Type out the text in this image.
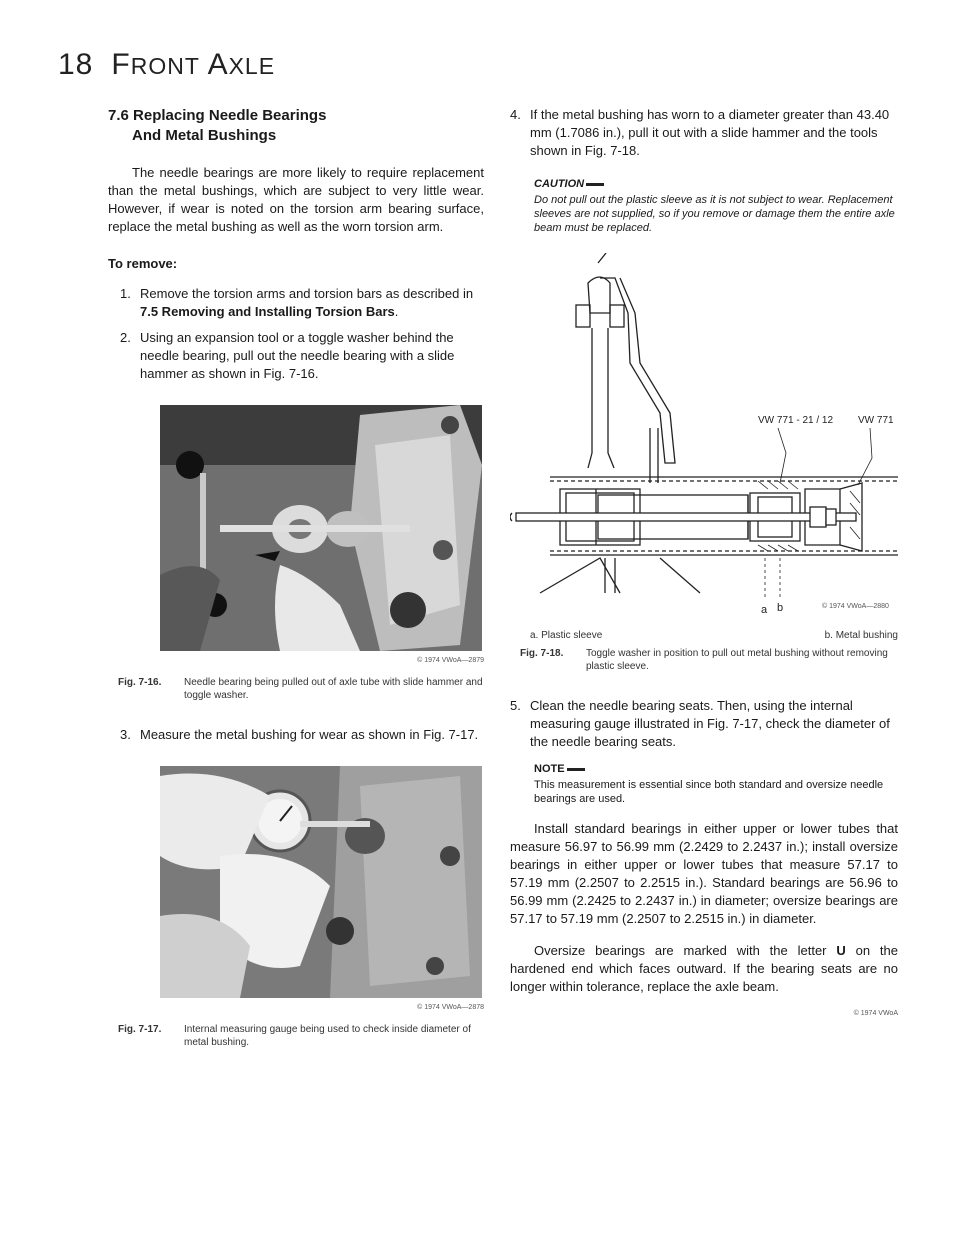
18 FRONT AXLE
7.6 Replacing Needle Bearings
And Metal Bushings

The needle bearings are more likely to require replacement than the metal bushings, which are subject to very little wear. However, if wear is noted on the torsion arm bearing surface, replace the metal bushing as well as the worn torsion arm.

To remove:
1. Remove the torsion arms and torsion bars as described in 7.5 Removing and Installing Torsion Bars.
2. Using an expansion tool or a toggle washer behind the needle bearing, pull out the needle bearing with a slide hammer as shown in Fig. 7-16.
© 1974 VWoA—2879
Fig. 7-16.	Needle bearing being pulled out of axle tube with slide hammer and toggle washer.
3. Measure the metal bushing for wear as shown in Fig. 7-17.
© 1974 VWoA—2878
Fig. 7-17.	Internal measuring gauge being used to check inside diameter of metal bushing.
4. If the metal bushing has worn to a diameter greater than 43.40 mm (1.7086 in.), pull it out with a slide hammer and the tools shown in Fig. 7-18.
CAUTION
Do not pull out the plastic sleeve as it is not subject to wear. Replacement sleeves are not supplied, so if you remove or damage them the entire axle beam must be replaced.
VW 771 - 21 / 12 VW 771
a b	© 1974 VWoA—2880
a. Plastic sleeve	b. Metal bushing
Fig. 7-18.	Toggle washer in position to pull out metal bushing without removing plastic sleeve.
5. Clean the needle bearing seats. Then, using the internal measuring gauge illustrated in Fig. 7-17, check the diameter of the needle bearing seats.
NOTE
This measurement is essential since both standard and oversize needle bearings are used.

Install standard bearings in either upper or lower tubes that measure 56.97 to 56.99 mm (2.2429 to 2.2437 in.); install oversize bearings in either upper or lower tubes that measure 57.17 to 57.19 mm (2.2507 to 2.2515 in.). Standard bearings are 56.96 to 56.99 mm (2.2425 to 2.2437 in.) in diameter; oversize bearings are 57.17 to 57.19 mm (2.2507 to 2.2515 in.) in diameter.

Oversize bearings are marked with the letter U on the hardened end which faces outward. If the bearing seats are no longer within tolerance, replace the axle beam.

© 1974 VWoA
